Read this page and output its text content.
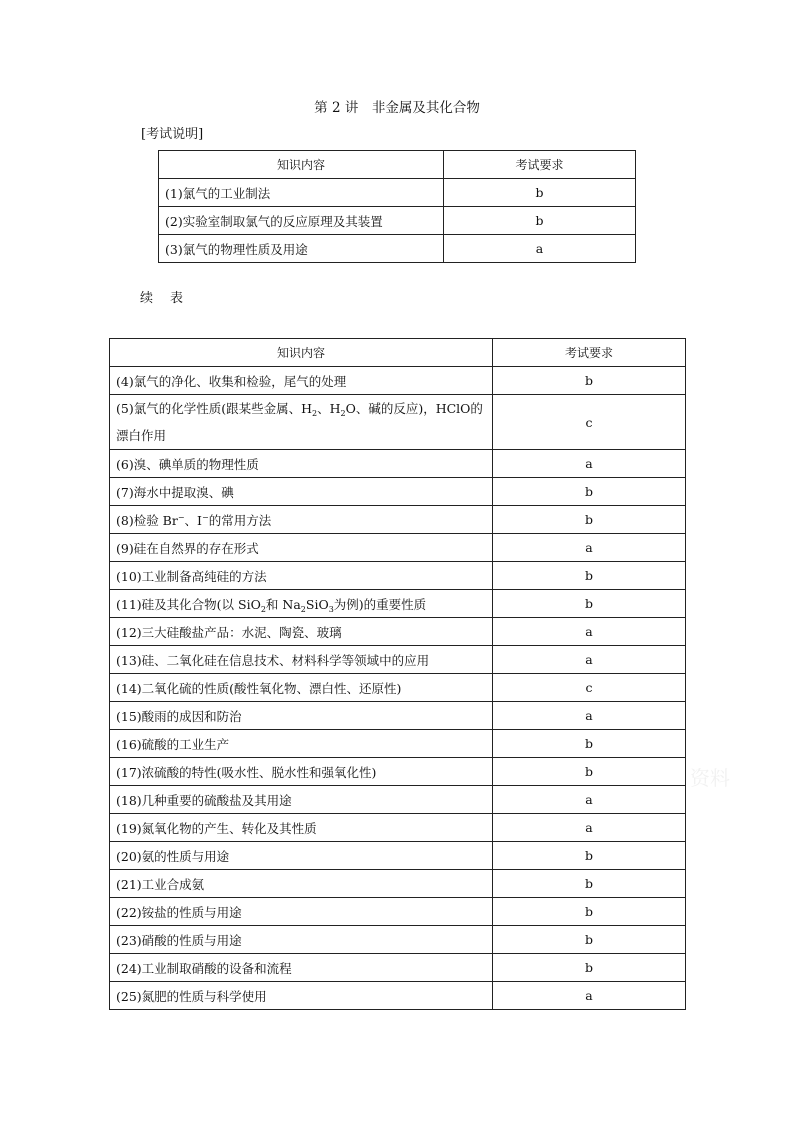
第 2 讲　非金属及其化合物
[考试说明]
知识内容	考试要求
(1)氯气的工业制法	b
(2)实验室制取氯气的反应原理及其装置	b
(3)氯气的物理性质及用途	a
续　表
知识内容	考试要求
(4)氯气的净化、收集和检验，尾气的处理	b
(5)氯气的化学性质(跟某些金属、$H_2$、$H_2O$、碱的反应)，HClO的漂白作用	c
(6)溴、碘单质的物理性质	a
(7)海水中提取溴、碘	b
(8)检验 Br−、I−的常用方法	b
(9)硅在自然界的存在形式	a
(10)工业制备高纯硅的方法	b
(11)硅及其化合物(以 SiO$_2$和 $Na_2SiO_3$为例)的重要性质	b
(12)三大硅酸盐产品：水泥、陶瓷、玻璃	a
(13)硅、二氧化硅在信息技术、材料科学等领域中的应用	a
(14)二氧化硫的性质(酸性氧化物、漂白性、还原性)	c
(15)酸雨的成因和防治	a
(16)硫酸的工业生产	b
(17)浓硫酸的特性(吸水性、脱水性和强氧化性)	b
(18)几种重要的硫酸盐及其用途	a
(19)氮氧化物的产生、转化及其性质	a
(20)氨的性质与用途	b
(21)工业合成氨	b
(22)铵盐的性质与用途	b
(23)硝酸的性质与用途	b
(24)工业制取硝酸的设备和流程	b
(25)氮肥的性质与科学使用	a
资料
